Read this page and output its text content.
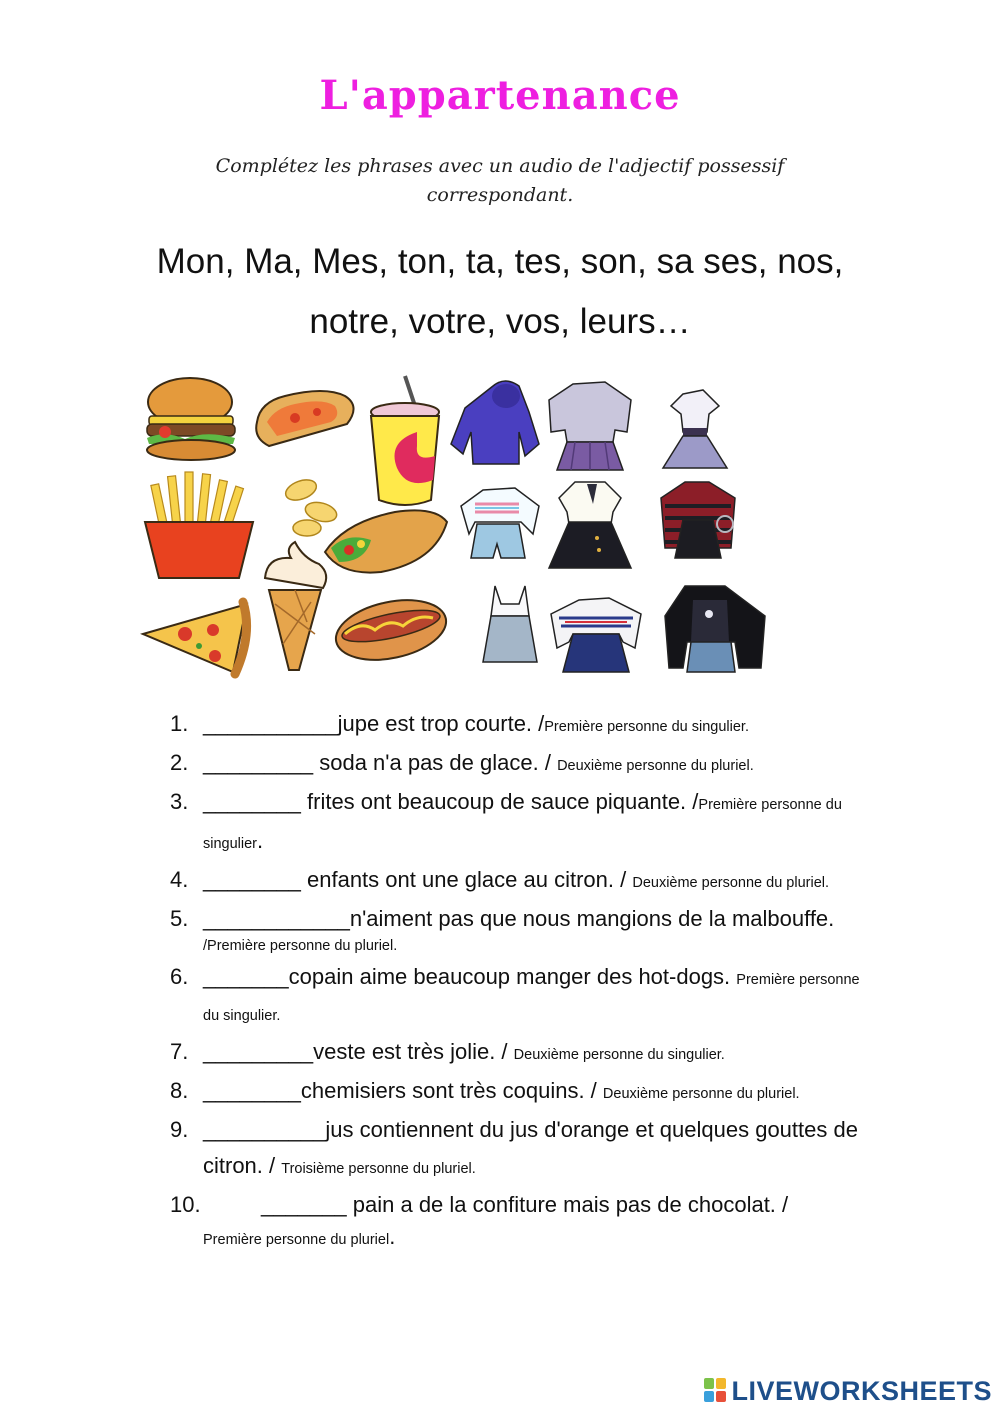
L'appartenance
Complétez les phrases avec un audio de l'adjectif possessif correspondant.
Mon, Ma, Mes, ton, ta, tes, son, sa ses, nos, notre, votre, vos, leurs…
1. ___________jupe est trop courte. /Première personne du singulier.
2. _________ soda n'a pas de glace. / Deuxième personne du pluriel.
3. ________ frites ont beaucoup de sauce piquante. /Première personne du singulier.
4. ________ enfants ont une glace au citron. / Deuxième personne du pluriel.
5. ____________n'aiment pas que nous mangions de la malbouffe.
/Première personne du pluriel.
6. _______copain aime beaucoup manger des hot-dogs. Première personne du singulier.
7. _________veste est très jolie. / Deuxième personne du singulier.
8. ________chemisiers sont très coquins. / Deuxième personne du pluriel.
9. __________jus contiennent du jus d'orange et quelques gouttes de citron. / Troisième personne du pluriel.
10.	_______ pain a de la confiture mais pas de chocolat. /
Première personne du pluriel.
LIVEWORKSHEETS
